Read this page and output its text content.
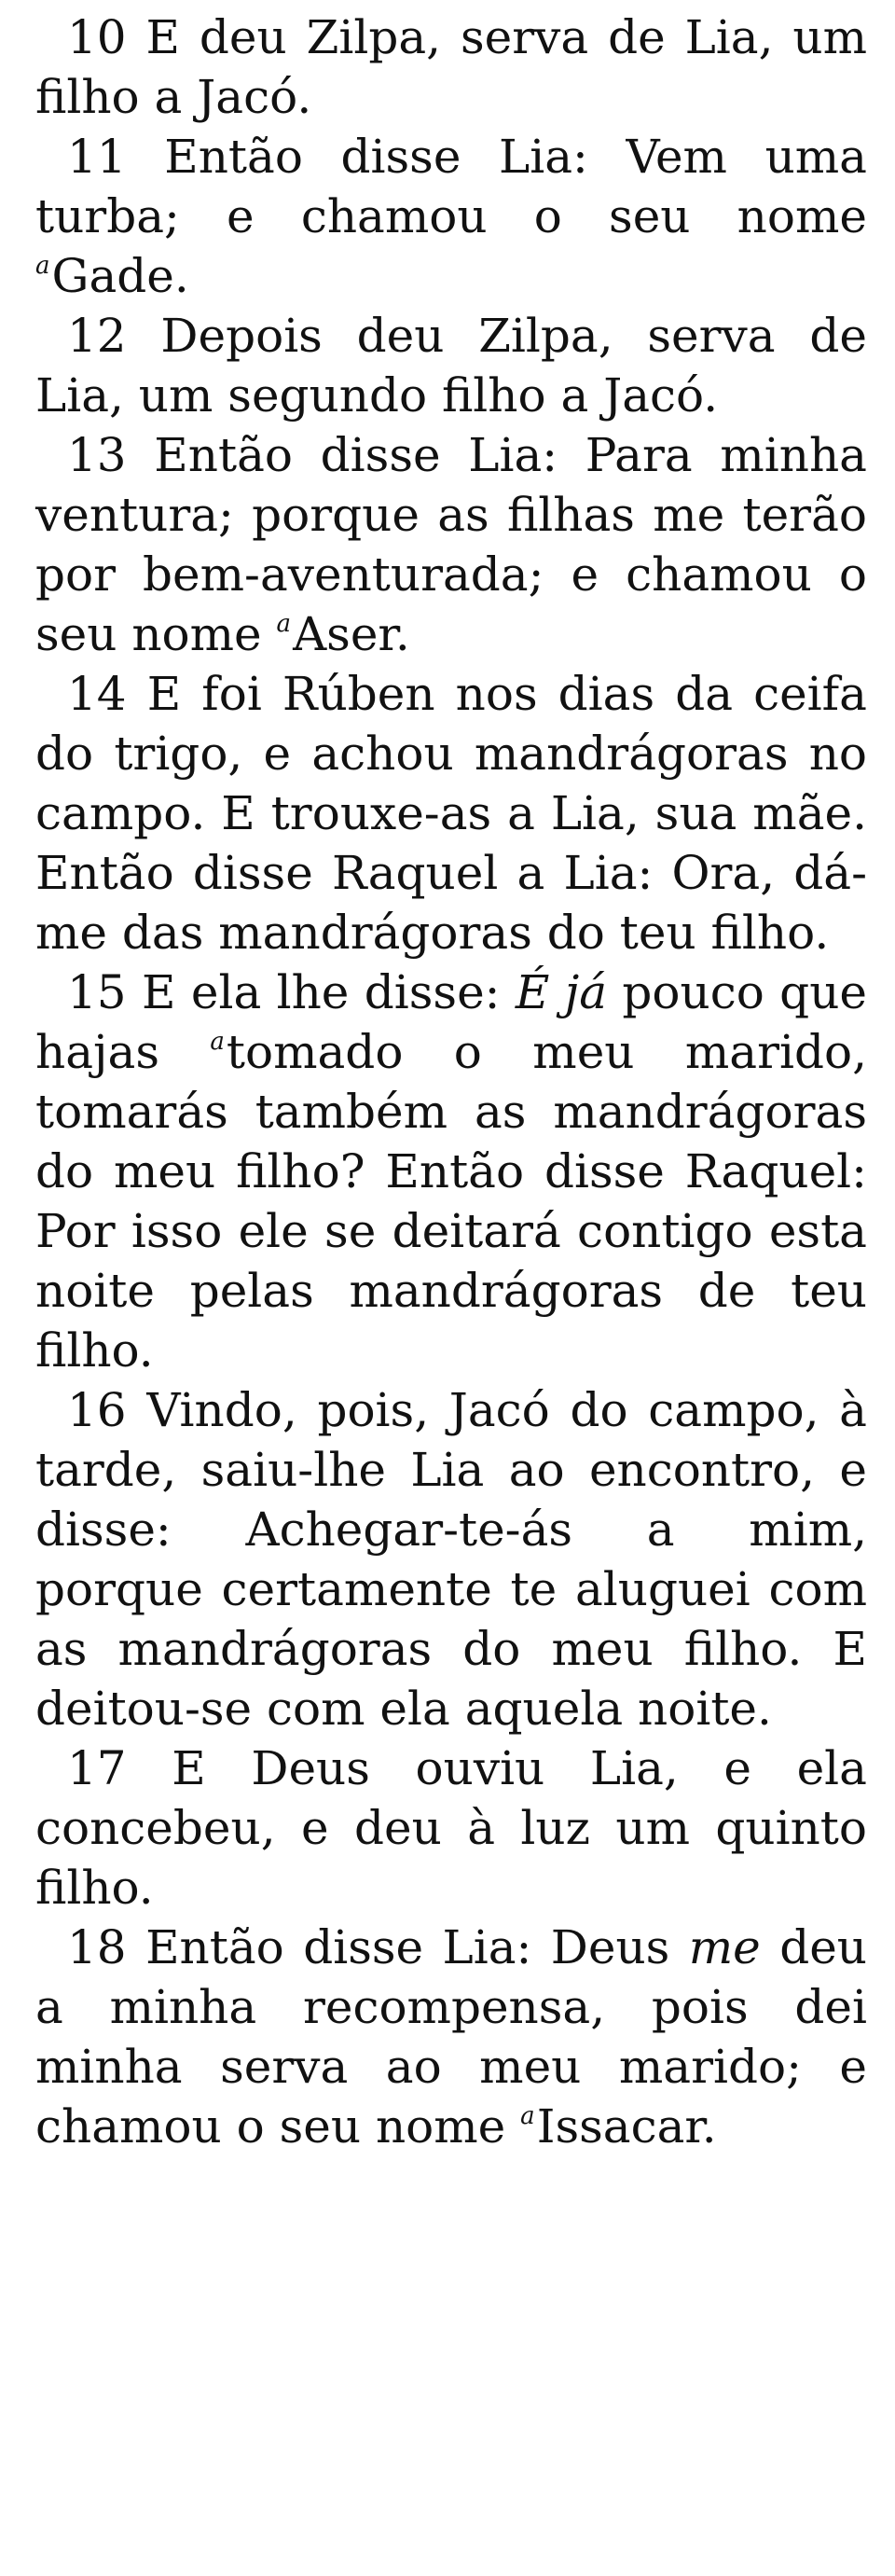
10 E deu Zilpa, serva de Lia, um filho a Jacó.

11 Então disse Lia: Vem uma turba; e chamou o seu nome $^a$Gade.

12 Depois deu Zilpa, serva de Lia, um segundo filho a Jacó.

13 Então disse Lia: Para minha ventura; porque as filhas me terão por bem-aventurada; e chamou o seu nome $^a$Aser.

14 E foi Rúben nos dias da ceifa do trigo, e achou mandrágoras no campo. E trouxe-as a Lia, sua mãe. Então disse Raquel a Lia: Ora, dá-me das mandrágoras do teu filho.

15 E ela lhe disse: É já pouco que hajas $^a$tomado o meu marido, tomarás também as mandrágoras do meu filho? Então disse Raquel: Por isso ele se deitará contigo esta noite pelas mandrágoras de teu filho.

16 Vindo, pois, Jacó do campo, à tarde, saiu-lhe Lia ao encontro, e disse: Achegar-te-ás a mim, porque certamente te aluguei com as mandrágoras do meu filho. E deitou-se com ela aquela noite.

17 E Deus ouviu Lia, e ela concebeu, e deu à luz um quinto filho.

18 Então disse Lia: Deus me deu a minha recompensa, pois dei minha serva ao meu marido; e chamou o seu nome $^a$Issacar.
